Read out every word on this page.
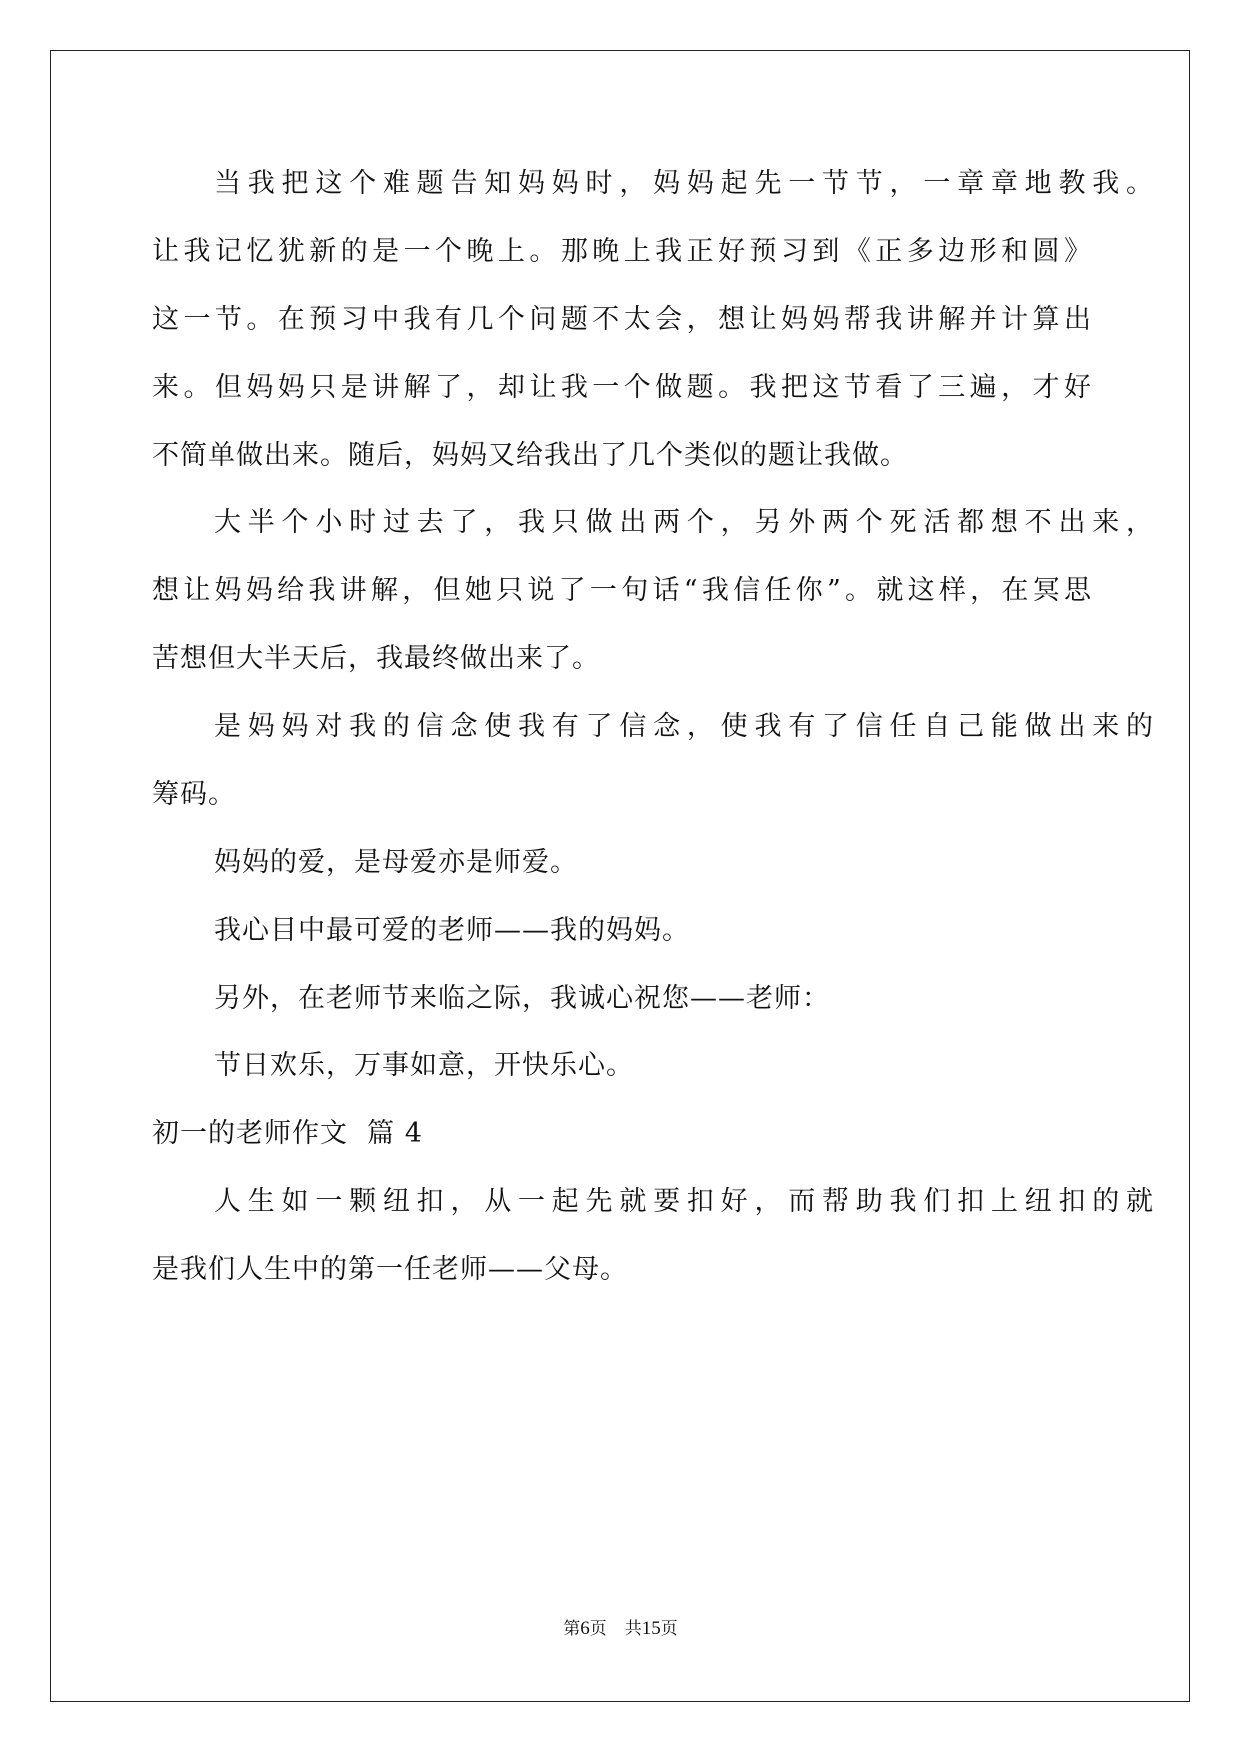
当我把这个难题告知妈妈时，妈妈起先一节节，一章章地教我。
让我记忆犹新的是一个晚上。那晚上我正好预习到《正多边形和圆》
这一节。在预习中我有几个问题不太会，想让妈妈帮我讲解并计算出
来。但妈妈只是讲解了，却让我一个做题。我把这节看了三遍，才好
不简单做出来。随后，妈妈又给我出了几个类似的题让我做。
大半个小时过去了，我只做出两个，另外两个死活都想不出来，
想让妈妈给我讲解，但她只说了一句话“我信任你”。就这样，在冥思
苦想但大半天后，我最终做出来了。
是妈妈对我的信念使我有了信念，使我有了信任自己能做出来的
筹码。
妈妈的爱，是母爱亦是师爱。
我心目中最可爱的老师——我的妈妈。
另外，在老师节来临之际，我诚心祝您——老师：
节日欢乐，万事如意，开快乐心。
初一的老师作文  篇 4
人生如一颗纽扣，从一起先就要扣好，而帮助我们扣上纽扣的就
是我们人生中的第一任老师——父母。
第6页 共15页
